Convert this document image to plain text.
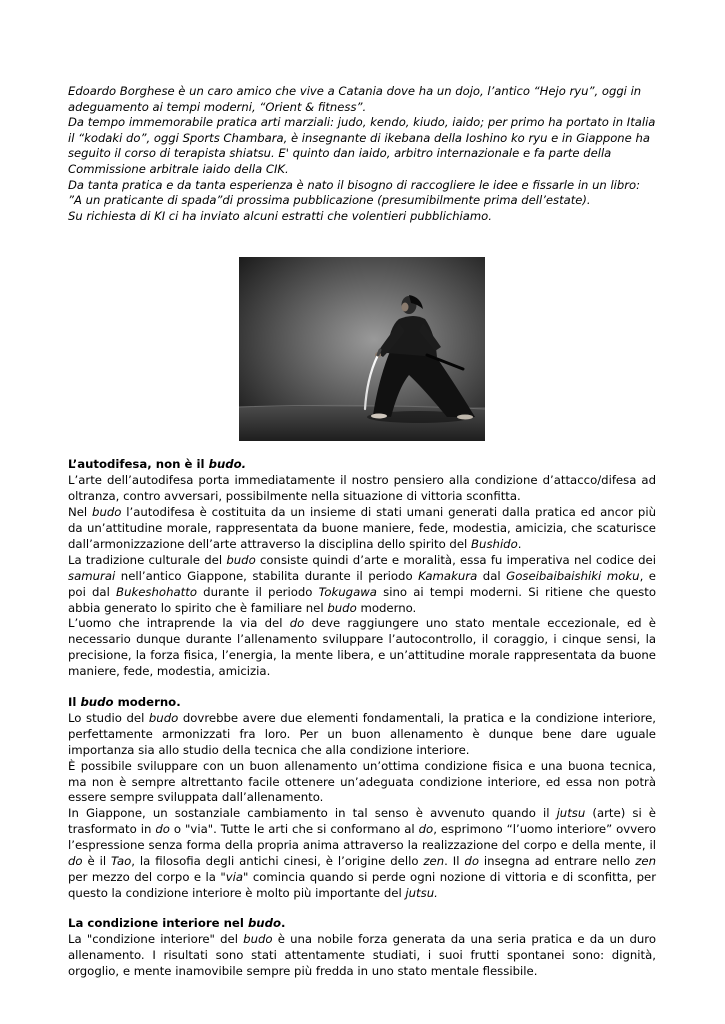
Edoardo Borghese è un caro amico che vive a Catania dove ha un dojo, l’antico “Hejo ryu”, oggi in adeguamento ai tempi moderni, “Orient & fitness”.

Da tempo immemorabile pratica arti marziali: judo, kendo, kiudo, iaido; per primo ha portato in Italia il “kodaki do”, oggi Sports Chambara, è insegnante di ikebana della Ioshino ko ryu e in Giappone ha seguito il corso di terapista shiatsu. E' quinto dan iaido, arbitro internazionale e fa parte della Commissione arbitrale iaido della CIK.

Da tanta pratica e da tanta esperienza è nato il bisogno di raccogliere le idee e fissarle in un libro: ”A un praticante di spada”di prossima pubblicazione (presumibilmente prima dell’estate).

Su richiesta di KI ci ha inviato alcuni estratti che volentieri pubblichiamo.

L’autodifesa, non è il budo.

L’arte dell’autodifesa porta immediatamente il nostro pensiero alla condizione d’attacco/difesa ad oltranza, contro avversari, possibilmente nella situazione di vittoria sconfitta.

Nel budo l’autodifesa è costituita da un insieme di stati umani generati dalla pratica ed ancor più da un’attitudine morale, rappresentata da buone maniere, fede, modestia, amicizia, che scaturisce dall’armonizzazione dell’arte attraverso la disciplina dello spirito del Bushido.

La tradizione culturale del budo consiste quindi d’arte e moralità, essa fu imperativa nel codice dei samurai nell’antico Giappone, stabilita durante il periodo Kamakura dal Goseibaibaishiki moku, e poi dal Bukeshohatto durante il periodo Tokugawa sino ai tempi moderni. Si ritiene che questo abbia generato lo spirito che è familiare nel budo moderno.

L’uomo che intraprende la via del do deve raggiungere uno stato mentale eccezionale, ed è necessario dunque durante l’allenamento sviluppare l’autocontrollo, il coraggio, i cinque sensi, la precisione, la forza fisica, l’energia, la mente libera, e un’attitudine morale rappresentata da buone maniere, fede, modestia, amicizia.

Il budo moderno.

Lo studio del budo dovrebbe avere due elementi fondamentali, la pratica e la condizione interiore, perfettamente armonizzati fra loro. Per un buon allenamento è dunque bene dare uguale importanza sia allo studio della tecnica che alla condizione interiore.

È possibile sviluppare con un buon allenamento un’ottima condizione fisica e una buona tecnica, ma non è sempre altrettanto facile ottenere un’adeguata condizione interiore, ed essa non potrà essere sempre sviluppata dall’allenamento.

In Giappone, un sostanziale cambiamento in tal senso è avvenuto quando il jutsu (arte) si è trasformato in do o "via". Tutte le arti che si conformano al do, esprimono “l’uomo interiore” ovvero l’espressione senza forma della propria anima attraverso la realizzazione del corpo e della mente, il do è il Tao, la filosofia degli antichi cinesi, è l’origine dello zen. Il do insegna ad entrare nello zen per mezzo del corpo e la "via" comincia quando si perde ogni nozione di vittoria e di sconfitta, per questo la condizione interiore è molto più importante del jutsu.

La condizione interiore nel budo.

La "condizione interiore" del budo è una nobile forza generata da una seria pratica e da un duro allenamento. I risultati sono stati attentamente studiati, i suoi frutti spontanei sono: dignità, orgoglio, e mente inamovibile sempre più fredda in uno stato mentale flessibile.
